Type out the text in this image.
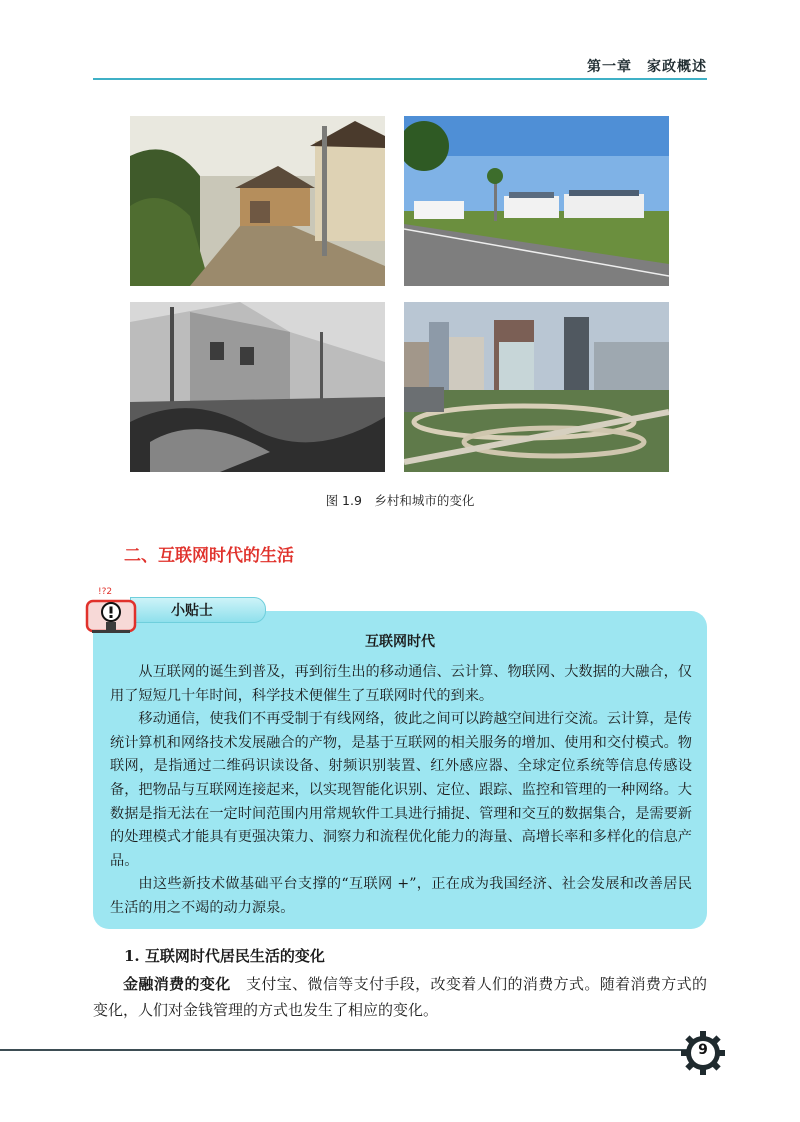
第一章　家政概述
图 1.9　乡村和城市的变化
二、互联网时代的生活
互联网时代

从互联网的诞生到普及，再到衍生出的移动通信、云计算、物联网、大数据的大融合，仅用了短短几十年时间，科学技术便催生了互联网时代的到来。

移动通信，使我们不再受制于有线网络，彼此之间可以跨越空间进行交流。云计算，是传统计算机和网络技术发展融合的产物，是基于互联网的相关服务的增加、使用和交付模式。物联网，是指通过二维码识读设备、射频识别装置、红外感应器、全球定位系统等信息传感设备，把物品与互联网连接起来，以实现智能化识别、定位、跟踪、监控和管理的一种网络。大数据是指无法在一定时间范围内用常规软件工具进行捕捉、管理和交互的数据集合，是需要新的处理模式才能具有更强决策力、洞察力和流程优化能力的海量、高增长率和多样化的信息产品。

由这些新技术做基础平台支撑的“互联网 +”，正在成为我国经济、社会发展和改善居民生活的用之不竭的动力源泉。

小贴士
!?2
1. 互联网时代居民生活的变化

金融消费的变化　 支付宝、微信等支付手段，改变着人们的消费方式。随着消费方式的变化，人们对金钱管理的方式也发生了相应的变化。

9
